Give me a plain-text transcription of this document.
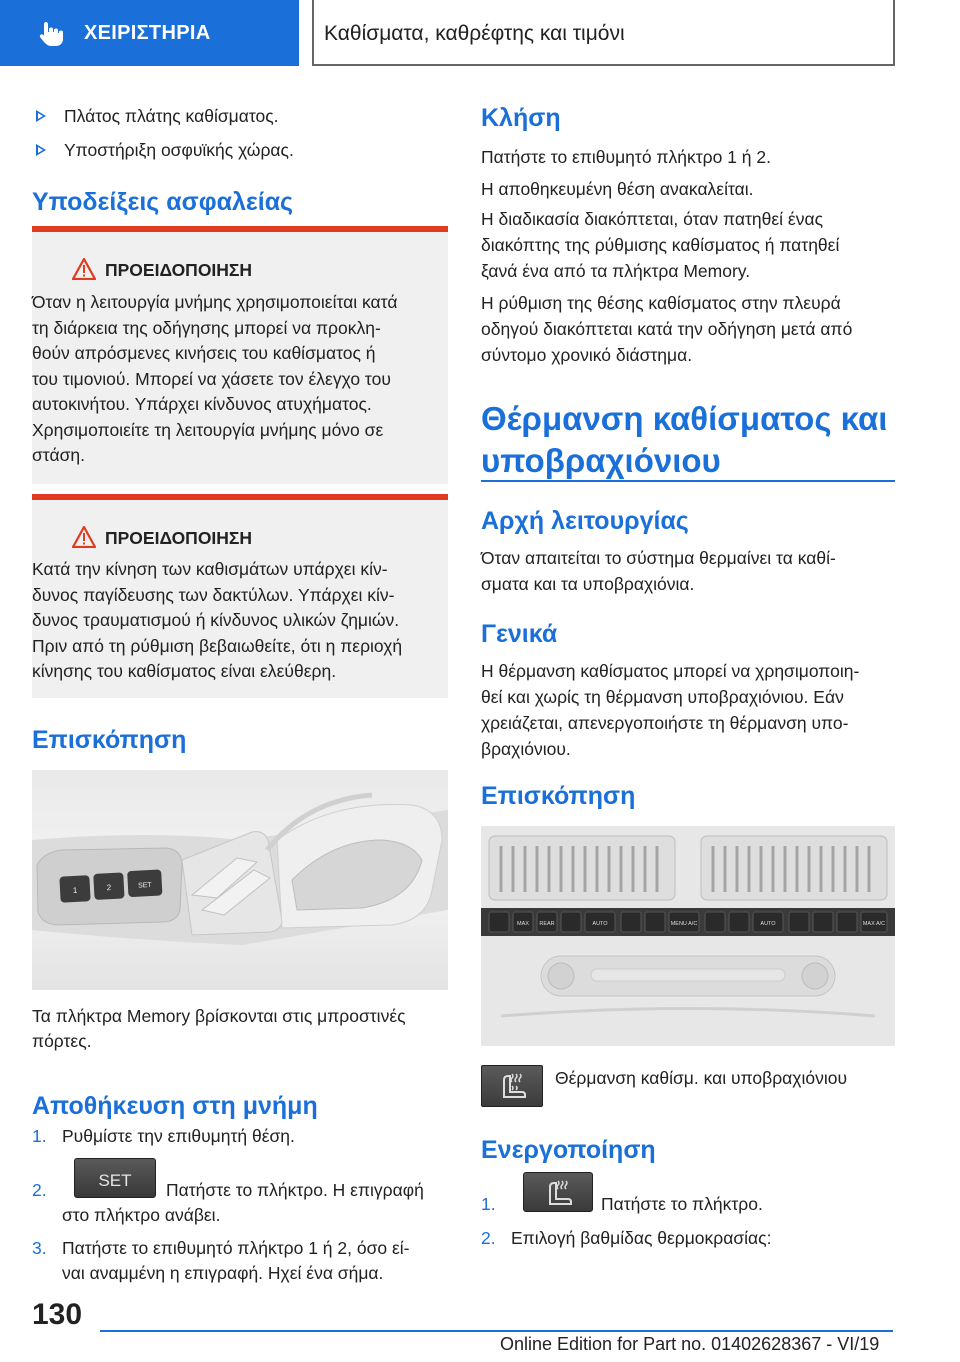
ΧΕΙΡΙΣΤΗΡΙΑ	Καθίσματα, καθρέφτης και τιμόνι
Πλάτος πλάτης καθίσματος.
Υποστήριξη οσφυϊκής χώρας.
Υποδείξεις ασφαλείας
ΠΡΟΕΙΔΟΠΟΙΗΣΗ
Όταν η λειτουργία μνήμης χρησιμοποιείται κατά
τη διάρκεια της οδήγησης μπορεί να προκλη-
θούν απρόσμενες κινήσεις του καθίσματος ή
του τιμονιού. Μπορεί να χάσετε τον έλεγχο του
αυτοκινήτου. Υπάρχει κίνδυνος ατυχήματος.
Χρησιμοποιείτε τη λειτουργία μνήμης μόνο σε
στάση.
ΠΡΟΕΙΔΟΠΟΙΗΣΗ
Κατά την κίνηση των καθισμάτων υπάρχει κίν-
δυνος παγίδευσης των δακτύλων. Υπάρχει κίν-
δυνος τραυματισμού ή κίνδυνος υλικών ζημιών.
Πριν από τη ρύθμιση βεβαιωθείτε, ότι η περιοχή
κίνησης του καθίσματος είναι ελεύθερη.
Επισκόπηση
1	2	SET
Τα πλήκτρα Memory βρίσκονται στις μπροστινές
πόρτες.
Αποθήκευση στη μνήμη
1. Ρυθμίστε την επιθυμητή θέση.
2.	SET	Πατήστε το πλήκτρο. Η επιγραφή
στο πλήκτρο ανάβει.
3. Πατήστε το επιθυμητό πλήκτρο 1 ή 2, όσο εί-
ναι αναμμένη η επιγραφή. Ηχεί ένα σήμα.
Κλήση
Πατήστε το επιθυμητό πλήκτρο 1 ή 2.
Η αποθηκευμένη θέση ανακαλείται.
Η διαδικασία διακόπτεται, όταν πατηθεί ένας
διακόπτης της ρύθμισης καθίσματος ή πατηθεί
ξανά ένα από τα πλήκτρα Memory.
Η ρύθμιση της θέσης καθίσματος στην πλευρά
οδηγού διακόπτεται κατά την οδήγηση μετά από
σύντομο χρονικό διάστημα.
Θέρμανση καθίσματος και
υποβραχιόνιου
Αρχή λειτουργίας
Όταν απαιτείται το σύστημα θερμαίνει τα καθί-
σματα και τα υποβραχιόνια.
Γενικά
Η θέρμανση καθίσματος μπορεί να χρησιμοποιη-
θεί και χωρίς τη θέρμανση υποβραχιόνιου. Εάν
χρειάζεται, απενεργοποιήστε τη θέρμανση υπο-
βραχιόνιου.
Επισκόπηση
MAX REAR	AUTO	MENU A/C	AUTO	MAX A/C
Θέρμανση καθίσμ. και υποβραχιόνιου
Ενεργοποίηση
1.	Πατήστε το πλήκτρο.
2. Επιλογή βαθμίδας θερμοκρασίας:
130
Online Edition for Part no. 01402628367 - VI/19
